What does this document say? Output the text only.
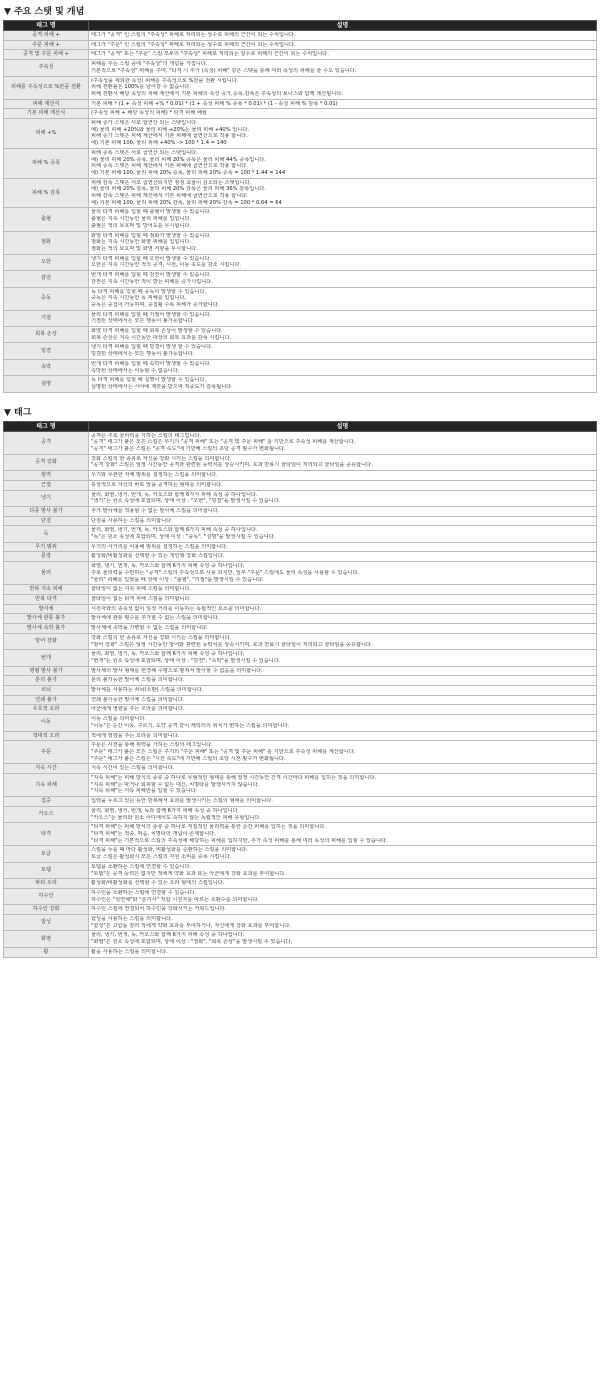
▼ 주요 스탯 및 개념
태그 명	설명
공격 피해 +	태그가 "공격" 인 스킬의 "주속성" 피해로 처리되는 상수로 피해의 근간이 되는 수치입니다.

주문 피해 +	태그가 "주문" 인 스킬의 "주속성" 피해로 처리되는 상수로 피해의 근간이 되는 수치입니다.

공격 및 주문 피해 +	태그가 "공격" 또는 "주문" 스킬 모두의 "주속성" 피해로 처리되는 상수로 피해의 근간이 되는 수치입니다.

주속성	피해를 주는 스킬 중에 "주속성"의 개념을 가집니다.
기본적으로 "주속성" 피해를 주며, "타격 시 추가 (속성) 피해" 같은 스탯을 통해 여러 속성의 피해를 줄 수도 있습니다.

피해를 주속성으로 %만큼 전환	(주속성을 제외한 속성) 피해를 주속성으로 %만큼 전환 시킵니다.
피해 전환률은 100%를 넘어갈 수 없습니다.
피해 전환시 해당 속성의 피해 계산에서 기본 피해의 속성 증가,증폭,감폭은 주속성의 보너스와 함께 계산됩니다.

피해 계산식	기본 피해 * (1 + 속성 피해 +% * 0.01) * (1 + 속성 피해 % 증폭 * 0.01) * (1 - 속성 피해 % 감폭 * 0.01)

기본 피해 계산식	(주속성 피해 + 해당 속성의 피해) * 타격 피해 배율

피해 +%	피해 증가 스탯은 서로 합연산 되는 스탯입니다.
예) 물리 피해 +20%와 물리 피해 +20%는 물리 피해 +40% 입니다.
피해 증가 스탯은 피해 계산에서 기본 피해에 곱연산으로 작용 합니다.
예) 기본 피해 100, 물리 피해 +40% -> 100 * 1.4 = 140

피해 % 증폭	피해 증폭 스탯은 서로 곱연산 되는 스탯입니다.
예) 물리 피해 20% 증폭, 물리 피해 20% 증폭은 물리 피해 44% 증폭입니다.
피해 증폭 스탯은 피해 계산에서 기본 피해에 곱연산으로 작용 합니다.
예) 기본 피해 100, 물리 피해 20% 증폭, 물리 피해 20% 증폭 = 100 * 1.44 = 144

피해 % 감폭	피해 감폭 스탯은 서로 곱연산되지만 점점 효율이 감소되는 스탯입니다.
예) 물리 피해 20% 감폭, 물리 피해 20% 감폭은 물리 피해 36% 감폭입니다.
피해 감폭 스탯은 피해 계산에서 기본 피해에 곱연산으로 작용 합니다.
예) 기본 피해 100, 물리 피해 20% 감폭, 물리 피해 20% 감폭 = 100 * 0.64 = 64

출혈	물리 타격 피해를 입힐 때 출혈이 발생할 수 있습니다.
출혈은 지속 시간동안 물리 피해를 입힙니다.
출혈은 적의 보호막 및 방어도를 무시합니다.

점화	화염 타격 피해를 입힐 때 점화가 발생할 수 있습니다.
점화는 지속 시간동안 화염 피해를 입힙니다.
점화는 적의 보호막 및 화염 저항을 무시합니다.

오한	냉기 타격 피해를 입힐 때 오한이 발생할 수 있습니다.
오한은 지속 시간동안 적의 공격, 시전, 이동 속도를 감소 시킵니다.

감전	번개 타격 피해를 입힐 때 감전이 발생할 수 있습니다.
감전은 지속 시간동안 적이 받는 피해를 증가시킵니다.

중독	독 타격 피해를 입힐 때 중독이 발생할 수 있습니다.
중독은 지속 시간동안 독 피해를 입힙니다.
중독은 중첩이 가능하며, 중첩될 수록 피해가 증가합니다.

기절	물리 타격 피해를 입힐 때 기절이 발생할 수 있습니다.
기절된 상태에서는 모든 행동이 불가능합니다.

회복 손상	화염 타격 피해를 입힐 때 회복 손상이 발생할 수 있습니다.
회복 손상은 지속 시간동안 대상의 회복 효과를 감폭 시킵니다.

빙결	냉기 타격 피해를 입힐 때 빙결이 발생 할 수 있습니다.
빙결된 상태에서는 모든 행동이 불가능합니다.

속박	번개 타격 피해를 입힐 때 속박이 발생할 수 있습니다.
속박된 상태에서는 이동할 수 없습니다.

실명	독 타격 피해를 입힐 때 실명이 발생할 수 있습니다.
실명된 상태에서는 시야에 제한을 받으며 적중도가 감폭됩니다.
▼ 태그
태그 명	설명
공격	공격은 주로 물리력을 가하는 스킬의 태그입니다.
"공격" 태그가 붙은 모든 스킬은 무기의 "공격 피해" 또는 "공격 및 주문 피해" 를 기반으로 주속성 피해를 계산합니다.
"공격" 태그가 붙은 스킬은 "공격 속도"에 기반해 스킬의 초당 공격 횟수가 변화됩니다.

공격 강화	강화 스킬의 한 종류로 자신을 강화 시키는 스킬을 의미합니다.
"공격 강화" 스킬은 일정 시간동안 공격과 관련된 능력치를 상승시키며, 효과 만료시 쿨타임이 처리되고 쿨타임을 공유합니다.

광역	무기와 무관한 자체 범위를 설정하는 스킬을 의미합니다.

근접	통상적으로 자신의 바로 앞을 공격하는 형태를 의미합니다.

냉기	물리, 화염, 냉기, 번개, 독, 카오스와 함께 6가지 피해 속성 중 하나입니다.
"냉기"는 원소 속성에 포함되며, 상태 이상 : "오한", "빙결"을 발생시킬 수 있습니다.

다중 발사 불가	추가 발사체를 적용할 수 없는 발사체 스킬을 의미합니다.

단검	단검을 사용하는 스킬을 의미합니다.

독	물리, 화염, 냉기, 번개, 독, 카오스와 함께 6가지 피해 속성 중 하나입니다.
"독"은 원소 속성에 포함되며, 상태 이상 : "중독", "실명"을 발생시킬 수 있습니다.

무기 범위	무기의 사거리를 이용해 범위를 설정하는 스킬을 의미합니다.

문장	활성화/비활성화를 선택할 수 있는 개인형 강화 스킬입니다.

물리	화염, 냉기, 번개, 독, 카오스와 함께 6가지 피해 속성 중 하나입니다.
주로 물리력을 수반하는 "공격" 스킬의 주속성으로 사용 되지만, 일부 "주문" 스킬에도 물리 속성을 사용할 수 있습니다.
"물리" 피해를 입혔을 때 상태 이상 : "출혈", "기절"을 발생시킬 수 있습니다.

반복 지속 피해	쿨타임이 없는 지속 피해 스킬을 의미합니다.

반복 타격	쿨타임이 없는 타격 피해 스킬을 의미합니다.

발사체	시전자와의 종속성 없이 일정 거리를 이동하는 독립적인 요소를 의미합니다.

발사체 관통 불가	발사체에 관통 횟수를 추가할 수 없는 스킬을 의미합니다.

발사체 속박 불가	발사체에 속박을 가변할 수 없는 스킬을 의미합니다.

방어 강화	강화 스킬의 한 종류로 자신을 강화 시키는 스킬을 의미합니다.
"방어 강화" 스킬은 일정 시간동안 방어와 관련된 능력치를 상승시키며, 효과 만료시 쿨타임이 처리되고 쿨타임을 공유합니다.

번개	물리, 화염, 냉기, 독, 카오스와 함께 6가지 피해 속성 중 하나입니다.
"번개"는 원소 속성에 포함되며, 상태 이상 : "감전", "속박"을 발생시킬 수 있습니다.

병렬 발사 불가	발사체의 발사 형태를 변경해 수평으로 펼쳐서 발사할 수 없음을 의미합니다.

분리 불가	분리 불가능한 발사체 스킬을 의미합니다.

쇠뇌	발사체를 사용하는 쇠뇌(소환) 스킬을 의미합니다.

연쇄 불가	연쇄 불가능한 발사체 스킬을 의미합니다.

우호적 오라	아군에게 영향을 주는 오라를 의미합니다.

이동	이동 스킬을 의미합니다.
"이동"은 순간 이동, 구르기, 도약 공격 같이 캐릭터의 위치가 변하는 스킬을 의미합니다.

적대적 오라	적에게 영향을 주는 오라를 의미합니다.

주문	주문은 시전을 통해 위력을 가하는 스킬의 태그입니다.
"주문" 태그가 붙은 모든 스킬은 주기의 "주문 피해" 또는 "공격 및 주문 피해" 를 기반으로 주속성 피해를 계산합니다.
"주문" 태그가 붙은 스킬은 "시전 속도"에 기반해 스킬의 초당 시전 횟수가 변화됩니다.

지속 시간	지속 시간이 있는 스킬을 의미합니다.

지속 피해	"지속 피해"는 피해 방식의 종류 중 하나로 무형적인 형태를 통해 일정 시간동안 간격 시간마다 피해를 입히는 것을 의미합니다.
"지속 피해"는 막거나 회피할 수 없는 대신, 치명타를 발생시키지 않습니다.
"지속 피해"는 지속 피해만을 입힐 수 있습니다.

집중	입력을 누르고 있는 동안 반복해서 효과를 발생시키는 스킬의 형태를 의미합니다.

카오스	물리, 화염, 냉기, 번개, 독과 함께 6가지 피해 속성 중 하나입니다.
"카오스"는 물리와 원소 어디에서도 속하지 않는 독립적인 피해 유형입니다.

타격	"타격 피해"는 피해 방식의 종류 중 하나로 직접적인 물리력을 통한 순간 피해를 입히는 것을 의미합니다.
"타격 피해"는 적중, 막음, 치명타의 개념이 존재합니다.
"타격 피해"는 기본적으로 스킬의 주속성에 해당하는 피해를 입히지만, 추가 속성 피해를 통해 여러 속성의 피해를 입힐 수 있습니다.

토글	스킬을 누를 때 마다 활성화, 비활성화를 순환하는 스킬을 의미합니다.
토글 스킬은 활성화시 모든 스킬의 자원 소비를 증폭 시킵니다.

토템	토템을 소환하는 스킬에 연결할 수 있습니다.
"토템"은 공격 능력은 없지만 적에게 약화 효과 또는 아군에게 강화 효과를 부여합니다.

파티 오라	활성화/비활성화를 선택할 수 있는 오라 형태의 스킬입니다.

하수인	하수인을 소환하는 스킬에 연결할 수 있습니다.
하수인은 "심연체"와 "룬기사" 처럼 시전자를 따르는 소환수를 의미합니다.

하수인 강화	하수인 스킬에 연결되어 하수인을 강화시키는 키워드입니다.

함성	함성을 사용하는 스킬을 의미합니다.
"함성"은 고함을 질러 적에게 약화 효과를 부여하거나, 자신에게 강화 효과를 부여합니다.

화염	물리, 냉기, 번개, 독, 카오스와 함께 6가지 피해 속성 중 하나입니다.
"화염"은 원소 속성에 포함되며, 상태 이상 : "점화", "회복 손상"을 발생시킬 수 있습니다.

활	활을 사용하는 스킬을 의미합니다.
